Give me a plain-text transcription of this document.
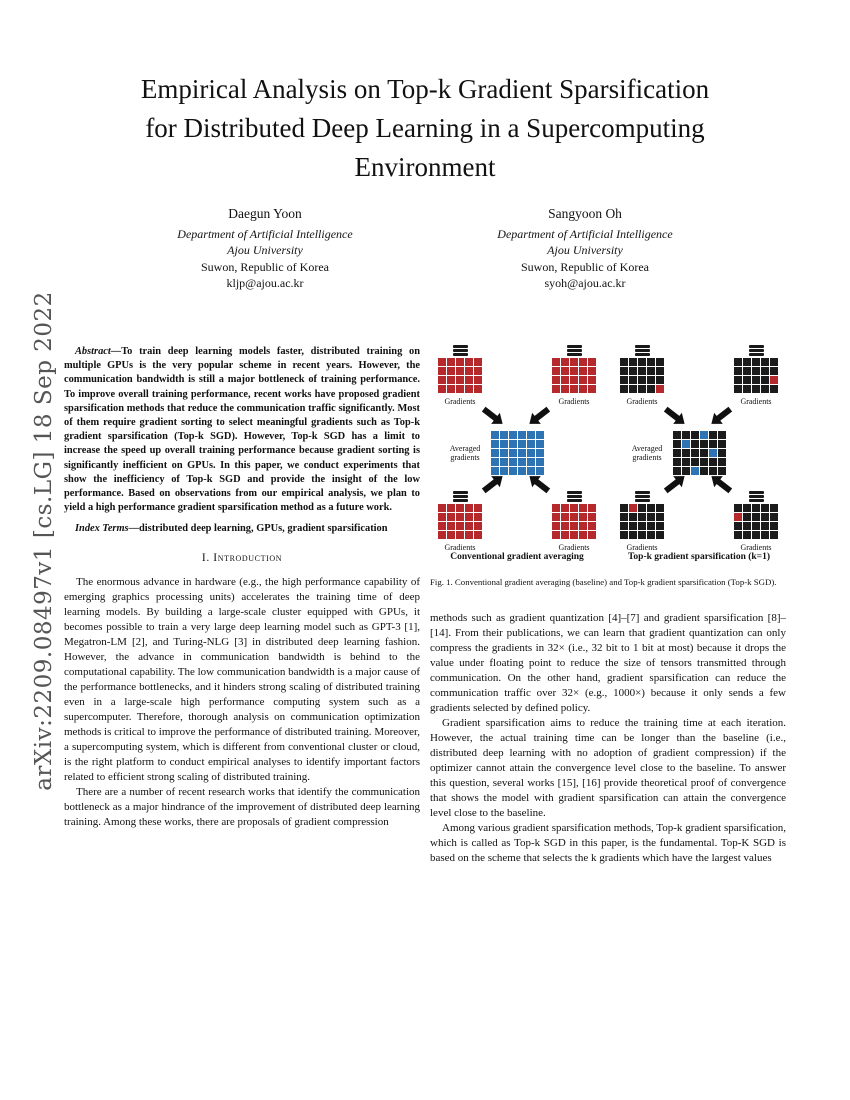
arXiv:2209.08497v1 [cs.LG] 18 Sep 2022
Empirical Analysis on Top-k Gradient Sparsification
for Distributed Deep Learning in a Supercomputing
Environment
Daegun Yoon
Department of Artificial Intelligence
Ajou University
Suwon, Republic of Korea
kljp@ajou.ac.kr
Sangyoon Oh
Department of Artificial Intelligence
Ajou University
Suwon, Republic of Korea
syoh@ajou.ac.kr

Abstract—To train deep learning models faster, distributed training on multiple GPUs is the very popular scheme in recent years. However, the communication bandwidth is still a major bottleneck of training performance. To improve overall training performance, recent works have proposed gradient sparsification methods that reduce the communication traffic significantly. Most of them require gradient sorting to select meaningful gradients such as Top-k gradient sparsification (Top-k SGD). However, Top-k SGD has a limit to increase the speed up overall training performance because gradient sorting is significantly inefficient on GPUs. In this paper, we conduct experiments that show the inefficiency of Top-k SGD and provide the insight of the low performance. Based on observations from our empirical analysis, we plan to yield a high performance gradient sparsification method as a future work.

Index Terms—distributed deep learning, GPUs, gradient sparsification

I. Introduction

The enormous advance in hardware (e.g., the high performance capability of emerging graphics processing units) accelerates the training time of deep learning models. By building a large-scale cluster equipped with GPUs, it becomes possible to train a very large deep learning model such as GPT-3 [1], Megatron-LM [2], and Turing-NLG [3] in distributed deep learning fashion. However, the advance in communication bandwidth is behind to the computational capability. The low communication bandwidth is a major cause of the performance bottlenecks, and it hinders strong scaling of distributed training even in a large-scale high performance computing system such as a supercomputer. Therefore, thorough analysis on communication optimization methods is critical to improve the performance of distributed training. Moreover, a supercomputing system, which is different from conventional cluster or cloud, is the right platform to conduct empirical analyses to identify important factors related to efficient strong scaling of distributed training.

There are a number of recent research works that identify the communication bottleneck as a major hindrance of the improvement of distributed deep learning training. Among these works, there are proposals of gradient compression

Gradients	Gradients
Gradients	Gradients
Averaged gradients
Conventional gradient averaging
Gradients	Gradients
Gradients	Gradients
Averaged gradients
Top-k gradient sparsification (k=1)
Fig. 1. Conventional gradient averaging (baseline) and Top-k gradient sparsification (Top-k SGD).

methods such as gradient quantization [4]–[7] and gradient sparsification [8]–[14]. From their publications, we can learn that gradient quantization can only compress the gradients in 32× (i.e., 32 bit to 1 bit at most) because it drops the value under floating point to reduce the size of tensors transmitted through communication. On the other hand, gradient sparsification can reduce the communication traffic over 32× (e.g., 1000×) because it only sends a few gradients selected by defined policy.

Gradient sparsification aims to reduce the training time at each iteration. However, the actual training time can be longer than the baseline (i.e., distributed deep learning with no adoption of gradient compression) if the optimizer cannot attain the convergence level close to the baseline. To answer this question, several works [15], [16] provide theoretical proof of convergence that shows the model with gradient sparsification can attain the convergence level close to the baseline.

Among various gradient sparsification methods, Top-k gradient sparsification, which is called as Top-k SGD in this paper, is the fundamental. Top-K SGD is based on the scheme that selects the k gradients which have the largest values
